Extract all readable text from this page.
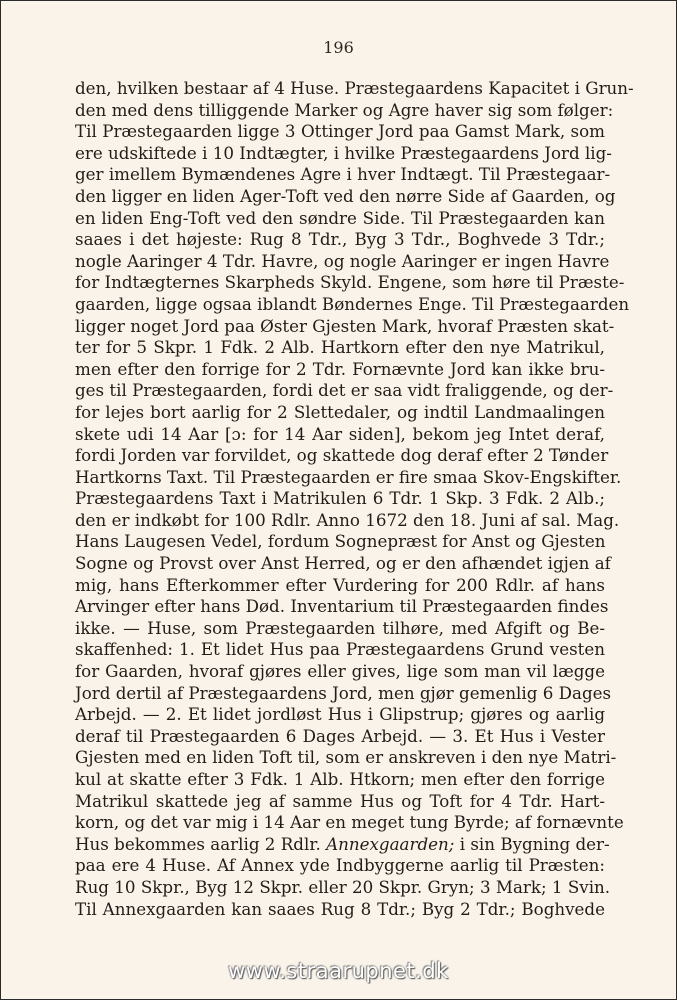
196
den, hvilken bestaar af 4 Huse. Præstegaardens Kapacitet i Grun-
den med dens tilliggende Marker og Agre haver sig som følger:
Til Præstegaarden ligge 3 Ottinger Jord paa Gamst Mark, som
ere udskiftede i 10 Indtægter, i hvilke Præstegaardens Jord lig-
ger imellem Bymændenes Agre i hver Indtægt. Til Præstegaar-
den ligger en liden Ager-Toft ved den nørre Side af Gaarden, og
en liden Eng-Toft ved den søndre Side. Til Præstegaarden kan
saaes i det højeste: Rug 8 Tdr., Byg 3 Tdr., Boghvede 3 Tdr.;
nogle Aaringer 4 Tdr. Havre, og nogle Aaringer er ingen Havre
for Indtægternes Skarpheds Skyld. Engene, som høre til Præste-
gaarden, ligge ogsaa iblandt Bøndernes Enge. Til Præstegaarden
ligger noget Jord paa Øster Gjesten Mark, hvoraf Præsten skat-
ter for 5 Skpr. 1 Fdk. 2 Alb. Hartkorn efter den nye Matrikul,
men efter den forrige for 2 Tdr. Fornævnte Jord kan ikke bru-
ges til Præstegaarden, fordi det er saa vidt fraliggende, og der-
for lejes bort aarlig for 2 Slettedaler, og indtil Landmaalingen
skete udi 14 Aar [ɔ: for 14 Aar siden], bekom jeg Intet deraf,
fordi Jorden var forvildet, og skattede dog deraf efter 2 Tønder
Hartkorns Taxt. Til Præstegaarden er fire smaa Skov-Engskifter.
Præstegaardens Taxt i Matrikulen 6 Tdr. 1 Skp. 3 Fdk. 2 Alb.;
den er indkøbt for 100 Rdlr. Anno 1672 den 18. Juni af sal. Mag.
Hans Laugesen Vedel, fordum Sognepræst for Anst og Gjesten
Sogne og Provst over Anst Herred, og er den afhændet igjen af
mig, hans Efterkommer efter Vurdering for 200 Rdlr. af hans
Arvinger efter hans Død. Inventarium til Præstegaarden findes
ikke. — Huse, som Præstegaarden tilhøre, med Afgift og Be-
skaffenhed: 1. Et lidet Hus paa Præstegaardens Grund vesten
for Gaarden, hvoraf gjøres eller gives, lige som man vil lægge
Jord dertil af Præstegaardens Jord, men gjør gemenlig 6 Dages
Arbejd. — 2. Et lidet jordløst Hus i Glipstrup; gjøres og aarlig
deraf til Præstegaarden 6 Dages Arbejd. — 3. Et Hus i Vester
Gjesten med en liden Toft til, som er anskreven i den nye Matri-
kul at skatte efter 3 Fdk. 1 Alb. Htkorn; men efter den forrige
Matrikul skattede jeg af samme Hus og Toft for 4 Tdr. Hart-
korn, og det var mig i 14 Aar en meget tung Byrde; af fornævnte
Hus bekommes aarlig 2 Rdlr. Annexgaarden; i sin Bygning der-
paa ere 4 Huse. Af Annex yde Indbyggerne aarlig til Præsten:
Rug 10 Skpr., Byg 12 Skpr. eller 20 Skpr. Gryn; 3 Mark; 1 Svin.
Til Annexgaarden kan saaes Rug 8 Tdr.; Byg 2 Tdr.; Boghvede
www.straarupnet.dk
